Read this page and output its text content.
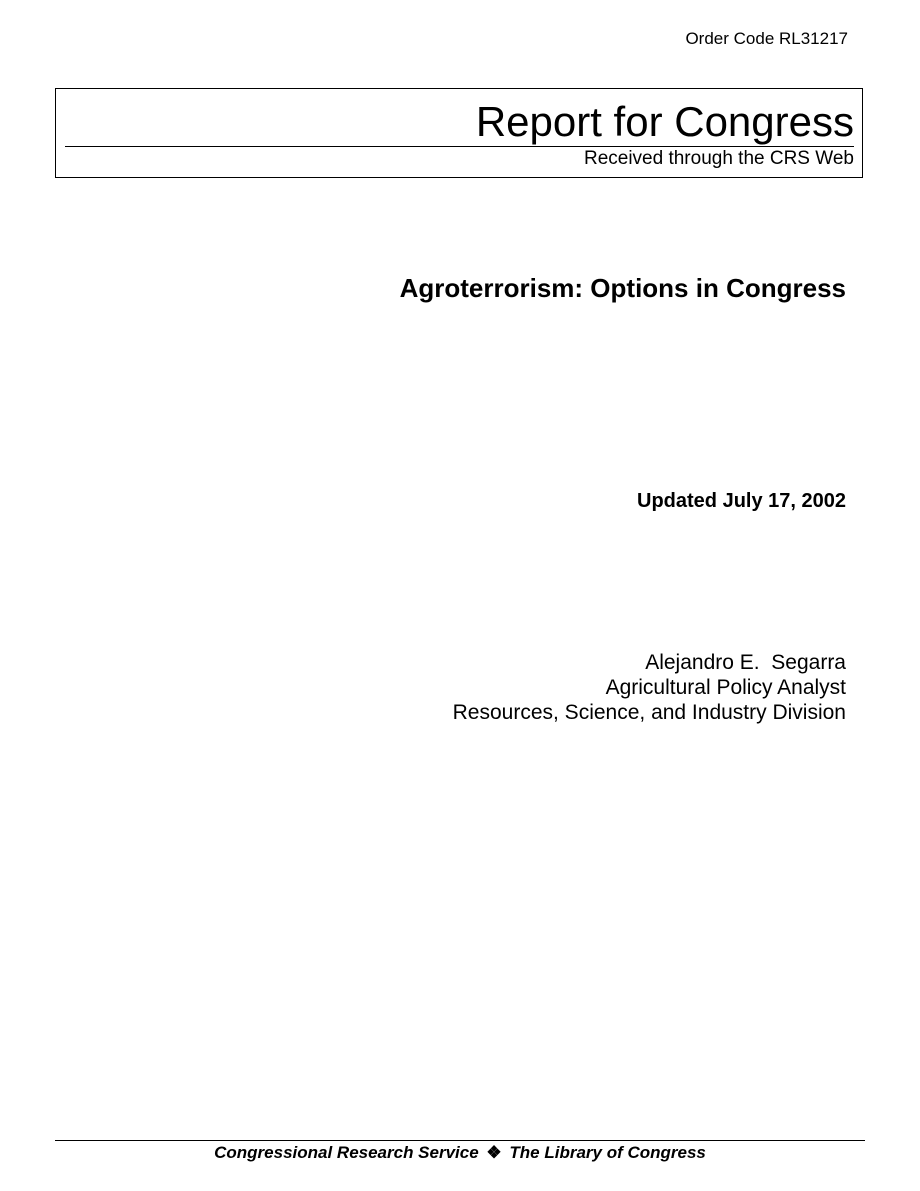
Order Code RL31217
Report for Congress
Received through the CRS Web
Agroterrorism: Options in Congress
Updated July 17, 2002
Alejandro E.  Segarra
Agricultural Policy Analyst
Resources, Science, and Industry Division
Congressional Research Service ❖ The Library of Congress
